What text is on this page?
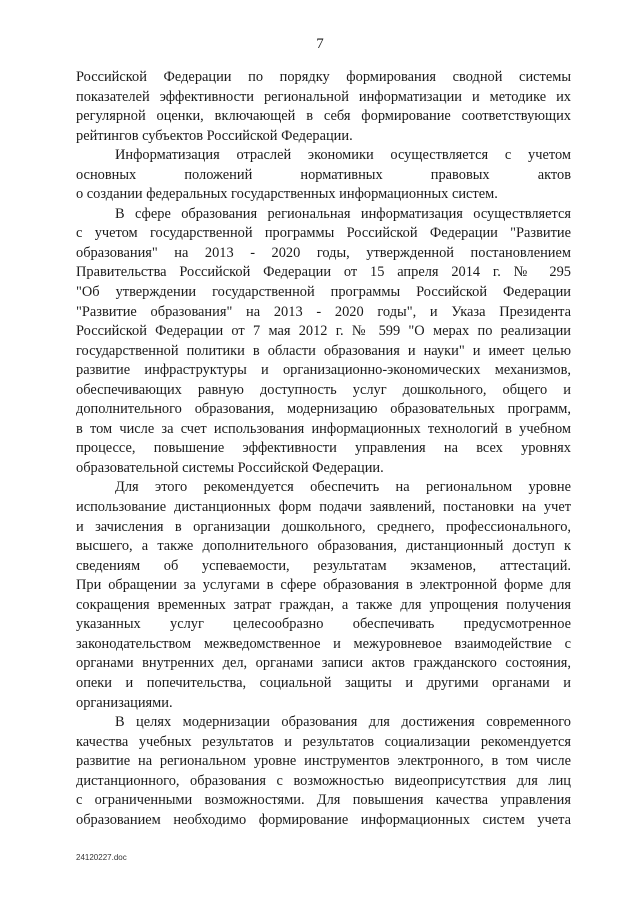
7
Российской Федерации по порядку формирования сводной системы
показателей эффективности региональной информатизации и методике их
регулярной оценки, включающей в себя формирование соответствующих
рейтингов субъектов Российской Федерации.
Информатизация отраслей экономики осуществляется с учетом
основных положений нормативных правовых актов
о создании федеральных государственных информационных систем.
В сфере образования региональная информатизация осуществляется
с учетом государственной программы Российской Федерации "Развитие
образования" на 2013 - 2020 годы, утвержденной постановлением
Правительства Российской Федерации от 15 апреля 2014 г. № 295
"Об утверждении государственной программы Российской Федерации
"Развитие образования" на 2013 - 2020 годы", и Указа Президента
Российской Федерации от 7 мая 2012 г. № 599 "О мерах по реализации
государственной политики в области образования и науки" и имеет целью
развитие инфраструктуры и организационно-экономических механизмов,
обеспечивающих равную доступность услуг дошкольного, общего и
дополнительного образования, модернизацию образовательных программ,
в том числе за счет использования информационных технологий в учебном
процессе, повышение эффективности управления на всех уровнях
образовательной системы Российской Федерации.
Для этого рекомендуется обеспечить на региональном уровне
использование дистанционных форм подачи заявлений, постановки на учет
и зачисления в организации дошкольного, среднего, профессионального,
высшего, а также дополнительного образования, дистанционный доступ к
сведениям об успеваемости, результатам экзаменов, аттестаций.
При обращении за услугами в сфере образования в электронной форме для
сокращения временных затрат граждан, а также для упрощения получения
указанных услуг целесообразно обеспечивать предусмотренное
законодательством межведомственное и межуровневое взаимодействие с
органами внутренних дел, органами записи актов гражданского состояния,
опеки и попечительства, социальной защиты и другими органами и
организациями.
В целях модернизации образования для достижения современного
качества учебных результатов и результатов социализации рекомендуется
развитие на региональном уровне инструментов электронного, в том числе
дистанционного, образования с возможностью видеоприсутствия для лиц
с ограниченными возможностями. Для повышения качества управления
образованием необходимо формирование информационных систем учета
24120227.doc
